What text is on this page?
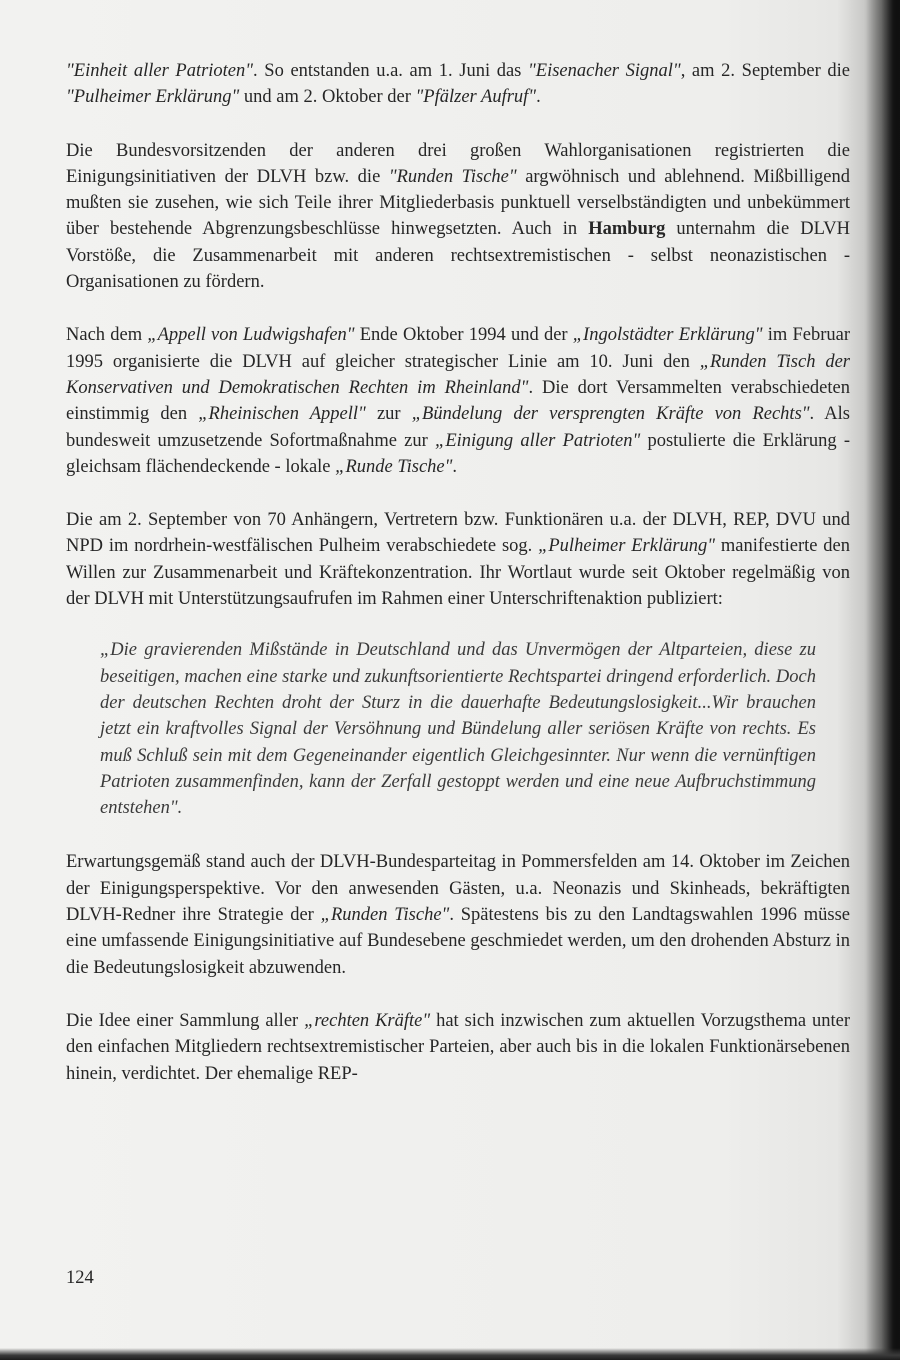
"Einheit aller Patrioten". So entstanden u.a. am 1. Juni das "Eisenacher Signal", am 2. September die "Pulheimer Erklärung" und am 2. Oktober der "Pfälzer Aufruf".

Die Bundesvorsitzenden der anderen drei großen Wahlorganisationen registrierten die Einigungsinitiativen der DLVH bzw. die "Runden Tische" argwöhnisch und ablehnend. Mißbilligend mußten sie zusehen, wie sich Teile ihrer Mitgliederbasis punktuell verselbständigten und unbekümmert über bestehende Abgrenzungsbeschlüsse hinwegsetzten. Auch in Hamburg unternahm die DLVH Vorstöße, die Zusammenarbeit mit anderen rechtsextremistischen - selbst neonazistischen - Organisationen zu fördern.

Nach dem „Appell von Ludwigshafen" Ende Oktober 1994 und der „Ingolstädter Erklärung" im Februar 1995 organisierte die DLVH auf gleicher strategischer Linie am 10. Juni den „Runden Tisch der Konservativen und Demokratischen Rechten im Rheinland". Die dort Versammelten verabschiedeten einstimmig den „Rheinischen Appell" zur „Bündelung der versprengten Kräfte von Rechts". Als bundesweit umzusetzende Sofortmaßnahme zur „Einigung aller Patrioten" postulierte die Erklärung - gleichsam flächendeckende - lokale „Runde Tische".

Die am 2. September von 70 Anhängern, Vertretern bzw. Funktionären u.a. der DLVH, REP, DVU und NPD im nordrhein-westfälischen Pulheim verabschiedete sog. „Pulheimer Erklärung" manifestierte den Willen zur Zusammenarbeit und Kräftekonzentration. Ihr Wortlaut wurde seit Oktober regelmäßig von der DLVH mit Unterstützungsaufrufen im Rahmen einer Unterschriftenaktion publiziert:

„Die gravierenden Mißstände in Deutschland und das Unvermögen der Altparteien, diese zu beseitigen, machen eine starke und zukunftsorientierte Rechtspartei dringend erforderlich. Doch der deutschen Rechten droht der Sturz in die dauerhafte Bedeutungslosigkeit...Wir brauchen jetzt ein kraftvolles Signal der Versöhnung und Bündelung aller seriösen Kräfte von rechts. Es muß Schluß sein mit dem Gegeneinander eigentlich Gleichgesinnter. Nur wenn die vernünftigen Patrioten zusammenfinden, kann der Zerfall gestoppt werden und eine neue Aufbruchstimmung entstehen".

Erwartungsgemäß stand auch der DLVH-Bundesparteitag in Pommersfelden am 14. Oktober im Zeichen der Einigungsperspektive. Vor den anwesenden Gästen, u.a. Neonazis und Skinheads, bekräftigten DLVH-Redner ihre Strategie der „Runden Tische". Spätestens bis zu den Landtagswahlen 1996 müsse eine umfassende Einigungsinitiative auf Bundesebene geschmiedet werden, um den drohenden Absturz in die Bedeutungslosigkeit abzuwenden.

Die Idee einer Sammlung aller „rechten Kräfte" hat sich inzwischen zum aktuellen Vorzugsthema unter den einfachen Mitgliedern rechtsextremistischer Parteien, aber auch bis in die lokalen Funktionärsebenen hinein, verdichtet. Der ehemalige REP-

124
